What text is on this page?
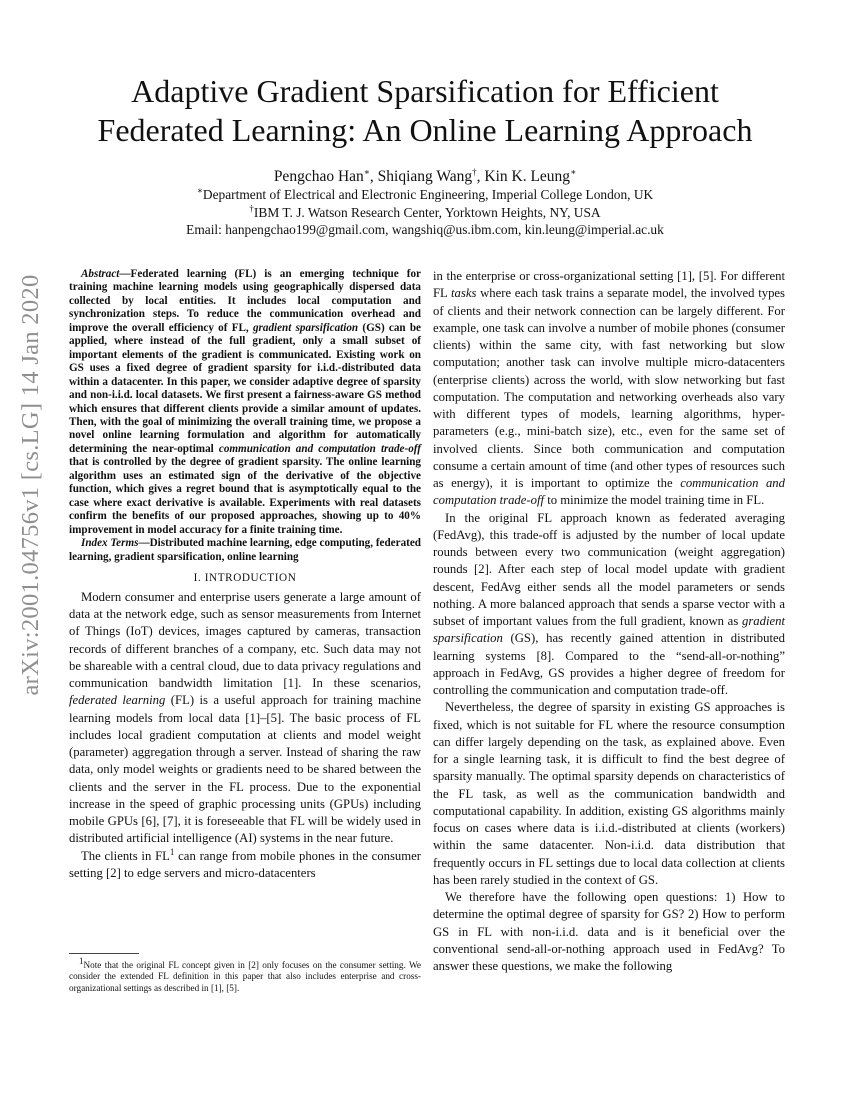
arXiv:2001.04756v1 [cs.LG] 14 Jan 2020
Adaptive Gradient Sparsification for Efficient
Federated Learning: An Online Learning Approach
Pengchao Han∗, Shiqiang Wang†, Kin K. Leung∗
∗Department of Electrical and Electronic Engineering, Imperial College London, UK
†IBM T. J. Watson Research Center, Yorktown Heights, NY, USA
Email: hanpengchao199@gmail.com, wangshiq@us.ibm.com, kin.leung@imperial.ac.uk

Abstract—Federated learning (FL) is an emerging technique for training machine learning models using geographically dispersed data collected by local entities. It includes local computation and synchronization steps. To reduce the communication overhead and improve the overall efficiency of FL, gradient sparsification (GS) can be applied, where instead of the full gradient, only a small subset of important elements of the gradient is communicated. Existing work on GS uses a fixed degree of gradient sparsity for i.i.d.-distributed data within a datacenter. In this paper, we consider adaptive degree of sparsity and non-i.i.d. local datasets. We first present a fairness-aware GS method which ensures that different clients provide a similar amount of updates. Then, with the goal of minimizing the overall training time, we propose a novel online learning formulation and algorithm for automatically determining the near-optimal communication and computation trade-off that is controlled by the degree of gradient sparsity. The online learning algorithm uses an estimated sign of the derivative of the objective function, which gives a regret bound that is asymptotically equal to the case where exact derivative is available. Experiments with real datasets confirm the benefits of our proposed approaches, showing up to 40% improvement in model accuracy for a finite training time.

Index Terms—Distributed machine learning, edge computing, federated learning, gradient sparsification, online learning

I. INTRODUCTION

Modern consumer and enterprise users generate a large amount of data at the network edge, such as sensor measurements from Internet of Things (IoT) devices, images captured by cameras, transaction records of different branches of a company, etc. Such data may not be shareable with a central cloud, due to data privacy regulations and communication bandwidth limitation [1]. In these scenarios, federated learning (FL) is a useful approach for training machine learning models from local data [1]–[5]. The basic process of FL includes local gradient computation at clients and model weight (parameter) aggregation through a server. Instead of sharing the raw data, only model weights or gradients need to be shared between the clients and the server in the FL process. Due to the exponential increase in the speed of graphic processing units (GPUs) including mobile GPUs [6], [7], it is foreseeable that FL will be widely used in distributed artificial intelligence (AI) systems in the near future.

The clients in $FL^1$ can range from mobile phones in the consumer setting [2] to edge servers and micro-datacenters

$^1$Note that the original FL concept given in [2] only focuses on the consumer setting. We consider the extended FL definition in this paper that also includes enterprise and cross-organizational settings as described in [1], [5].

in the enterprise or cross-organizational setting [1], [5]. For different FL tasks where each task trains a separate model, the involved types of clients and their network connection can be largely different. For example, one task can involve a number of mobile phones (consumer clients) within the same city, with fast networking but slow computation; another task can involve multiple micro-datacenters (enterprise clients) across the world, with slow networking but fast computation. The computation and networking overheads also vary with different types of models, learning algorithms, hyper-parameters (e.g., mini-batch size), etc., even for the same set of involved clients. Since both communication and computation consume a certain amount of time (and other types of resources such as energy), it is important to optimize the communication and computation trade-off to minimize the model training time in FL.

In the original FL approach known as federated averaging (FedAvg), this trade-off is adjusted by the number of local update rounds between every two communication (weight aggregation) rounds [2]. After each step of local model update with gradient descent, FedAvg either sends all the model parameters or sends nothing. A more balanced approach that sends a sparse vector with a subset of important values from the full gradient, known as gradient sparsification (GS), has recently gained attention in distributed learning systems [8]. Compared to the “send-all-or-nothing” approach in FedAvg, GS provides a higher degree of freedom for controlling the communication and computation trade-off.

Nevertheless, the degree of sparsity in existing GS approaches is fixed, which is not suitable for FL where the resource consumption can differ largely depending on the task, as explained above. Even for a single learning task, it is difficult to find the best degree of sparsity manually. The optimal sparsity depends on characteristics of the FL task, as well as the communication bandwidth and computational capability. In addition, existing GS algorithms mainly focus on cases where data is i.i.d.-distributed at clients (workers) within the same datacenter. Non-i.i.d. data distribution that frequently occurs in FL settings due to local data collection at clients has been rarely studied in the context of GS.

We therefore have the following open questions: 1) How to determine the optimal degree of sparsity for GS? 2) How to perform GS in FL with non-i.i.d. data and is it beneficial over the conventional send-all-or-nothing approach used in FedAvg? To answer these questions, we make the following
